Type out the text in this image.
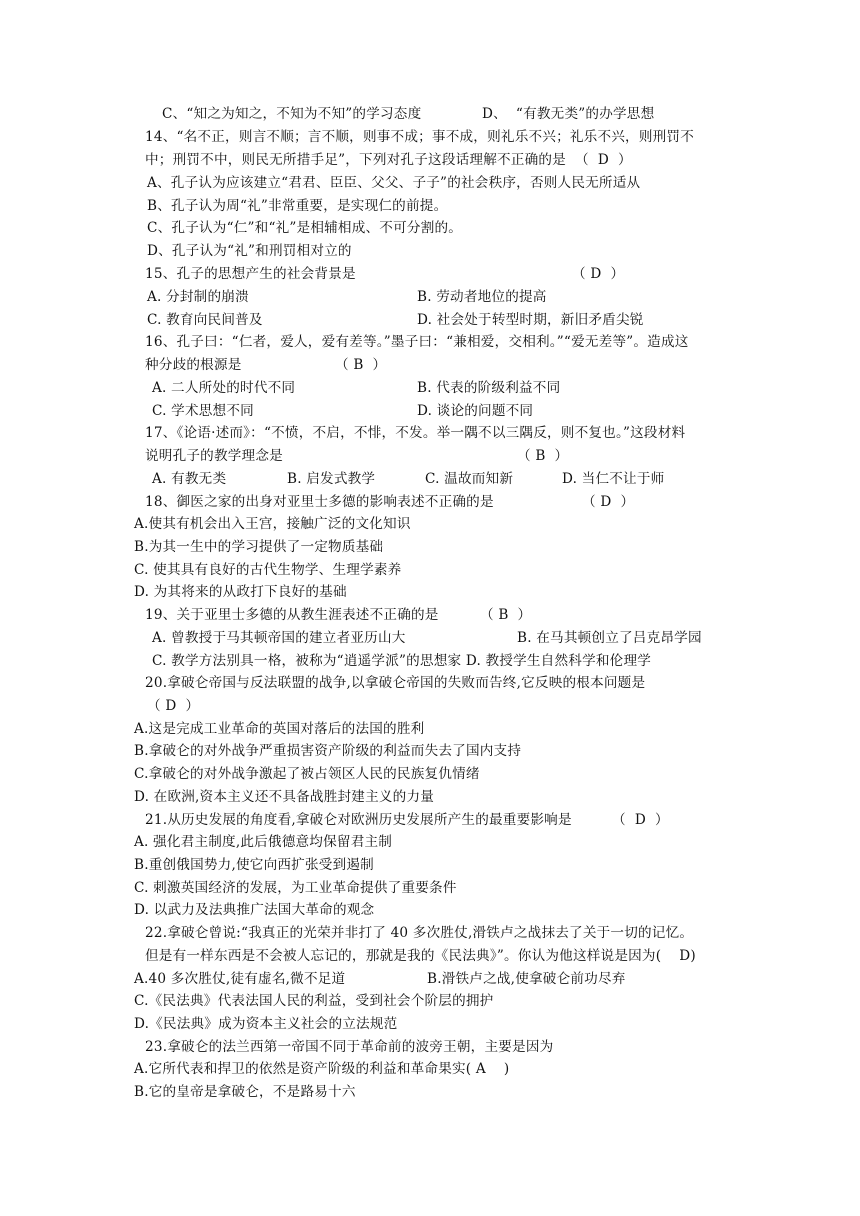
C、“知之为知之，不知为不知”的学习态度

	D、  “有教无类”的办学思想

14、“名不正，则言不顺；言不顺，则事不成；事不成，则礼乐不兴；礼乐不兴，则刑罚不

中；刑罚不中，则民无所措手足”，下列对孔子这段话理解不正确的是  （  D  ）

A、孔子认为应该建立“君君、臣臣、父父、子子”的社会秩序，否则人民无所适从

B、孔子认为周“礼”非常重要，是实现仁的前提。

C、孔子认为“仁”和“礼”是相辅相成、不可分割的。

D、孔子认为“礼”和刑罚相对立的

15、孔子的思想产生的社会背景是

	（ D  ）

A. 分封制的崩溃

	B. 劳动者地位的提高

C. 教育向民间普及

	D. 社会处于转型时期，新旧矛盾尖锐

16、孔子曰：“仁者，爱人，爱有差等。”墨子曰：“兼相爱，交相利。”“爱无差等”。造成这

种分歧的根源是

	（ B  ）

A. 二人所处的时代不同

	B. 代表的阶级利益不同

C. 学术思想不同

	D. 谈论的问题不同

17、《论语·述而》：“不愤，不启，不悱，不发。举一隅不以三隅反，则不复也。”这段材料

说明孔子的教学理念是

	（ B  ）

A. 有教无类

	B. 启发式教学

	C. 温故而知新

	D. 当仁不让于师

18、御医之家的出身对亚里士多德的影响表述不正确的是

	（ D  ）

A.使其有机会出入王宫，接触广泛的文化知识

B.为其一生中的学习提供了一定物质基础

C. 使其具有良好的古代生物学、生理学素养

D. 为其将来的从政打下良好的基础

19、关于亚里士多德的从教生涯表述不正确的是

	（ B  ）

A. 曾教授于马其顿帝国的建立者亚历山大

	B. 在马其顿创立了吕克昂学园

C. 教学方法别具一格，被称为“逍遥学派”的思想家 D. 教授学生自然科学和伦理学

20.拿破仑帝国与反法联盟的战争,以拿破仑帝国的失败而告终,它反映的根本问题是

（ D  ）

A.这是完成工业革命的英国对落后的法国的胜利

B.拿破仑的对外战争严重损害资产阶级的利益而失去了国内支持

C.拿破仑的对外战争激起了被占领区人民的民族复仇情绪

D. 在欧洲,资本主义还不具备战胜封建主义的力量

21.从历史发展的角度看,拿破仑对欧洲历史发展所产生的最重要影响是

	（  D  ）

A. 强化君主制度,此后俄德意均保留君主制

B.重创俄国势力,使它向西扩张受到遏制

C. 刺激英国经济的发展，为工业革命提供了重要条件

D. 以武力及法典推广法国大革命的观念

22.拿破仑曾说:“我真正的光荣并非打了 40 多次胜仗,滑铁卢之战抹去了关于一切的记忆。

但是有一样东西是不会被人忘记的，那就是我的《民法典》”。你认为他这样说是因为(    D)

A.40 多次胜仗,徒有虚名,微不足道

	B.滑铁卢之战,使拿破仑前功尽弃

C.《民法典》代表法国人民的利益，受到社会个阶层的拥护

D.《民法典》成为资本主义社会的立法规范

23.拿破仑的法兰西第一帝国不同于革命前的波旁王朝，主要是因为

A.它所代表和捍卫的依然是资产阶级的利益和革命果实( A    )

B.它的皇帝是拿破仑，不是路易十六
